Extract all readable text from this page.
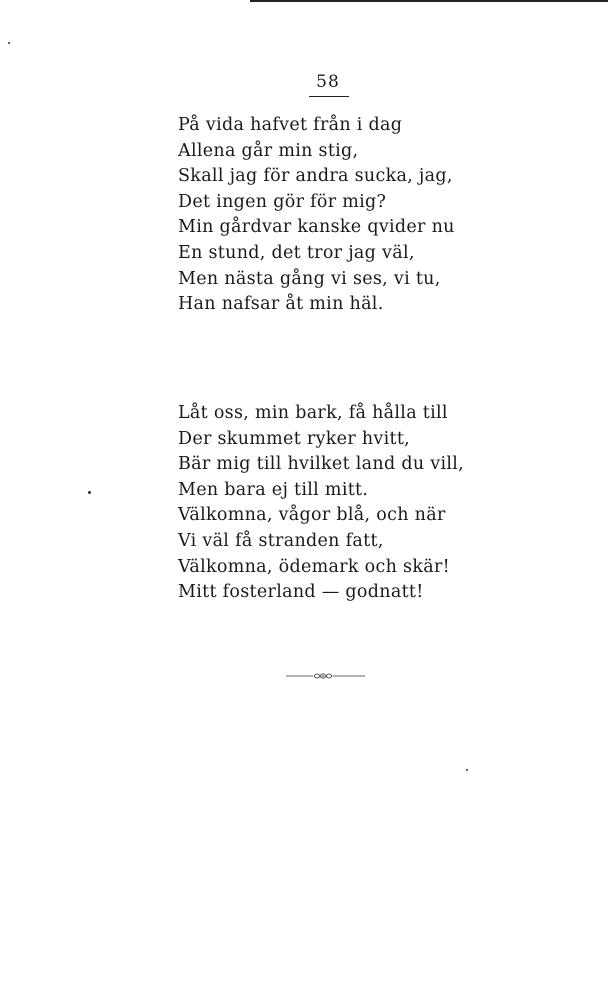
58
På vida hafvet från i dag
Allena går min stig,
Skall jag för andra sucka, jag,
Det ingen gör för mig?
Min gårdvar kanske qvider nu
En stund, det tror jag väl,
Men nästa gång vi ses, vi tu,
Han nafsar åt min häl.
Låt oss, min bark, få hålla till
Der skummet ryker hvitt,
Bär mig till hvilket land du vill,
Men bara ej till mitt.
Välkomna, vågor blå, och när
Vi väl få stranden fatt,
Välkomna, ödemark och skär!
Mitt fosterland — godnatt!
